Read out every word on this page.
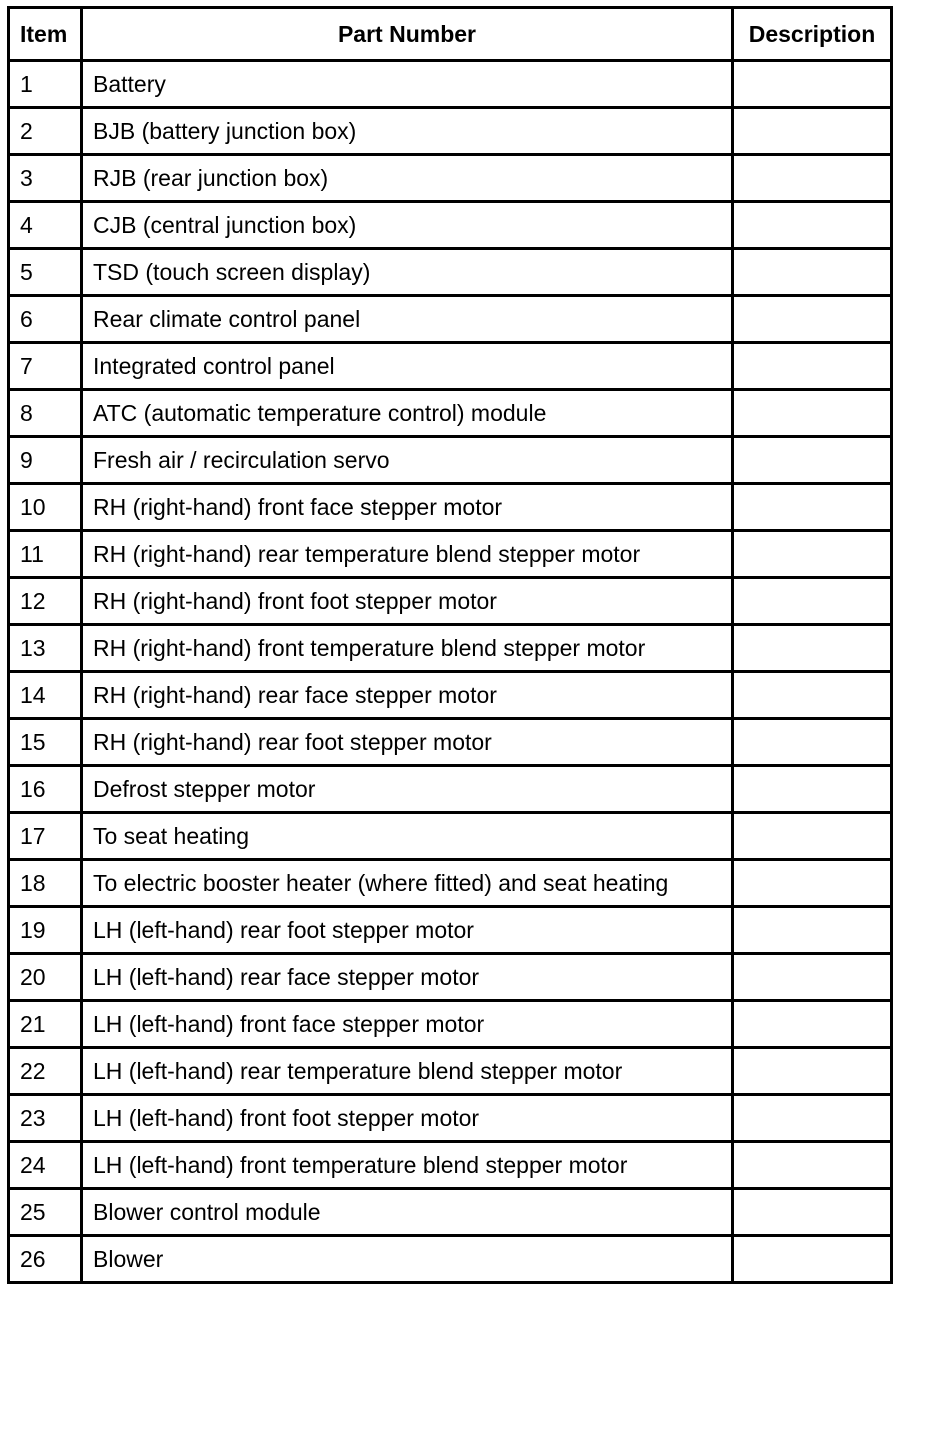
Item	Part Number	Description
1	Battery	
2	BJB (battery junction box)	
3	RJB (rear junction box)	
4	CJB (central junction box)	
5	TSD (touch screen display)	
6	Rear climate control panel	
7	Integrated control panel	
8	ATC (automatic temperature control) module	
9	Fresh air / recirculation servo	
10	RH (right-hand) front face stepper motor	
11	RH (right-hand) rear temperature blend stepper motor	
12	RH (right-hand) front foot stepper motor	
13	RH (right-hand) front temperature blend stepper motor	
14	RH (right-hand) rear face stepper motor	
15	RH (right-hand) rear foot stepper motor	
16	Defrost stepper motor	
17	To seat heating	
18	To electric booster heater (where fitted) and seat heating	
19	LH (left-hand) rear foot stepper motor	
20	LH (left-hand) rear face stepper motor	
21	LH (left-hand) front face stepper motor	
22	LH (left-hand) rear temperature blend stepper motor	
23	LH (left-hand) front foot stepper motor	
24	LH (left-hand) front temperature blend stepper motor	
25	Blower control module	
26	Blower	
